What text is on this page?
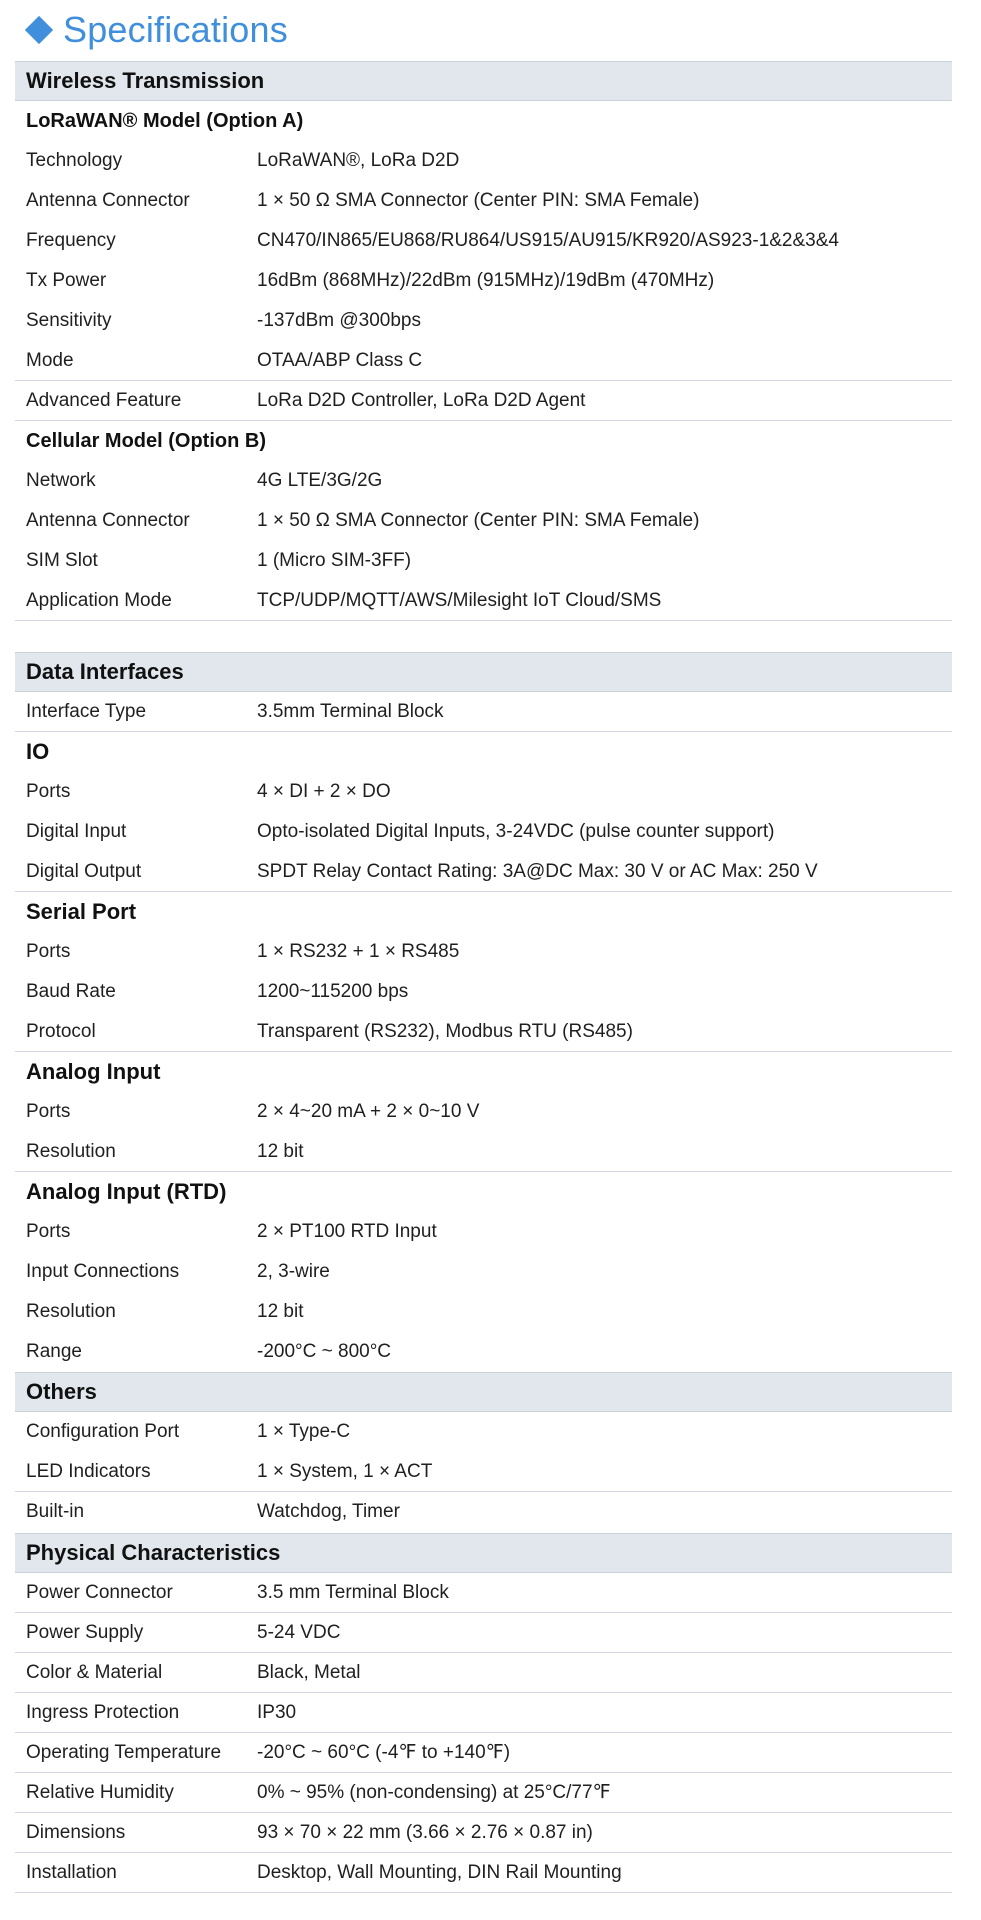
Specifications
Wireless Transmission
LoRaWAN® Model (Option A)
Technology	LoRaWAN®, LoRa D2D
Antenna Connector	1 × 50 Ω SMA Connector (Center PIN: SMA Female)
Frequency	CN470/IN865/EU868/RU864/US915/AU915/KR920/AS923-1&2&3&4
Tx Power	16dBm (868MHz)/22dBm (915MHz)/19dBm (470MHz)
Sensitivity	-137dBm @300bps
Mode	OTAA/ABP Class C
Advanced Feature	LoRa D2D Controller, LoRa D2D Agent
Cellular Model (Option B)
Network	4G LTE/3G/2G
Antenna Connector	1 × 50 Ω SMA Connector (Center PIN: SMA Female)
SIM Slot	1 (Micro SIM-3FF)
Application Mode	TCP/UDP/MQTT/AWS/Milesight IoT Cloud/SMS
Data Interfaces
Interface Type	3.5mm Terminal Block
IO
Ports	4 × DI + 2 × DO
Digital Input	Opto-isolated Digital Inputs, 3-24VDC (pulse counter support)
Digital Output	SPDT Relay Contact Rating: 3A@DC Max: 30 V or AC Max: 250 V
Serial Port
Ports	1 × RS232 + 1 × RS485
Baud Rate	1200~115200 bps
Protocol	Transparent (RS232), Modbus RTU (RS485)
Analog Input
Ports	2 × 4~20 mA + 2 × 0~10 V
Resolution	12 bit
Analog Input (RTD)
Ports	2 × PT100 RTD Input
Input Connections	2, 3-wire
Resolution	12 bit
Range	-200°C ~ 800°C
Others
Configuration Port	1 × Type-C
LED Indicators	1 × System, 1 × ACT
Built-in	Watchdog, Timer
Physical Characteristics
Power Connector	3.5 mm Terminal Block
Power Supply	5-24 VDC
Color & Material	Black, Metal
Ingress Protection	IP30
Operating Temperature	-20°C ~ 60°C (-4℉ to +140℉)
Relative Humidity	0% ~ 95% (non-condensing) at 25°C/77℉
Dimensions	93 × 70 × 22 mm (3.66 × 2.76 × 0.87 in)
Installation	Desktop, Wall Mounting, DIN Rail Mounting
